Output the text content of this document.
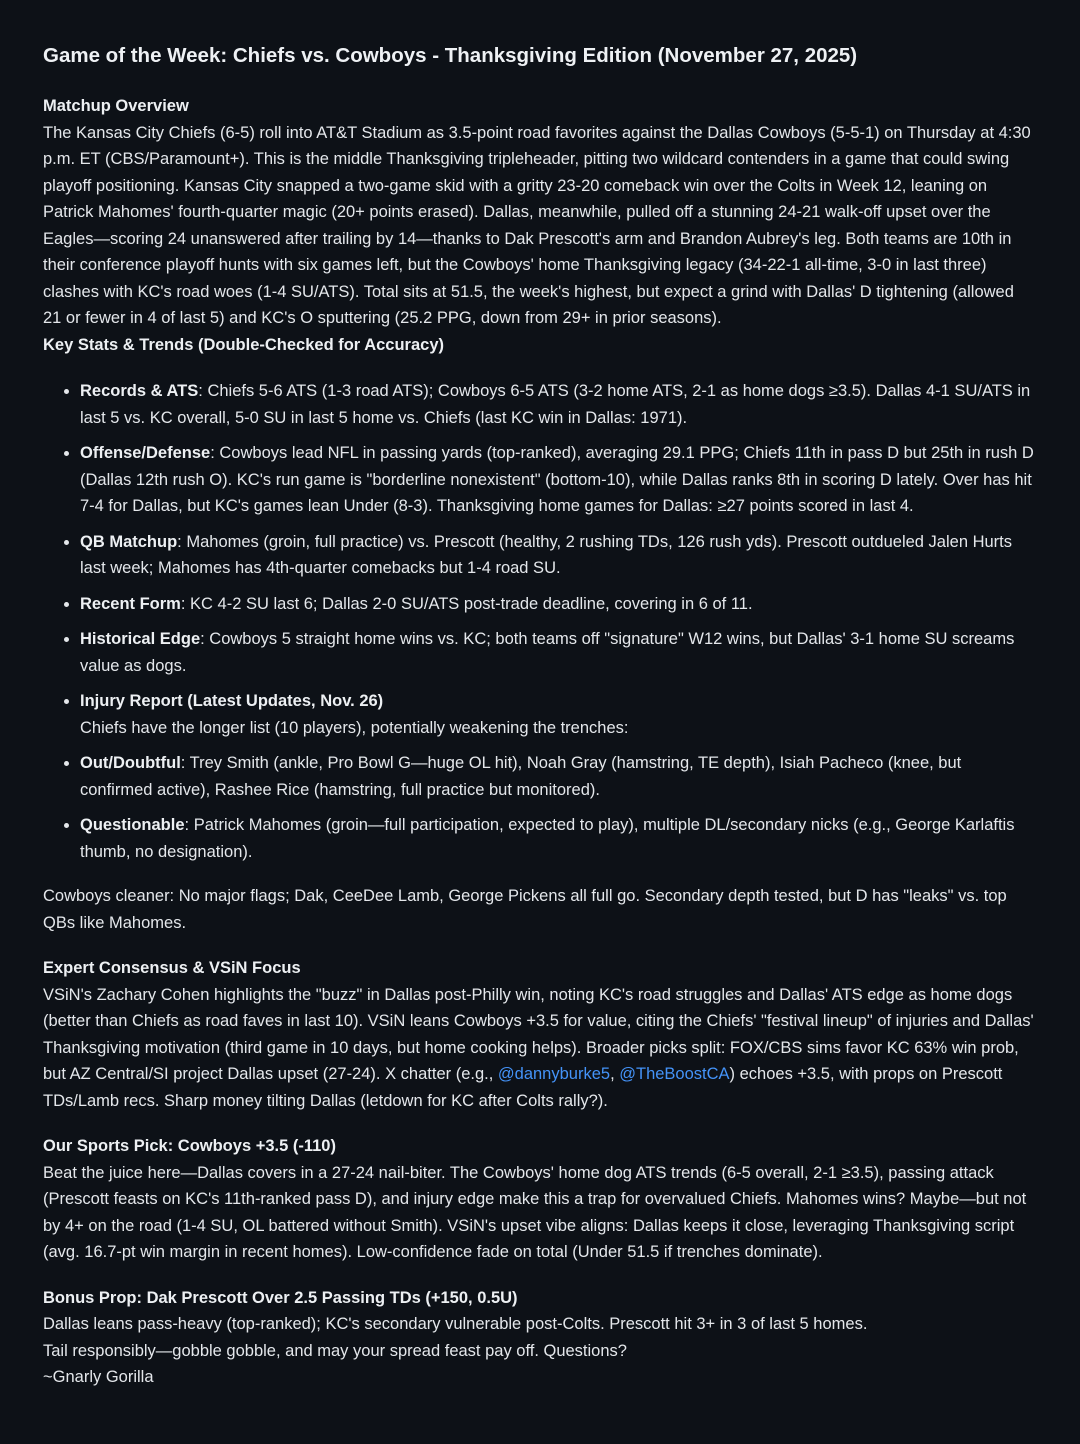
Game of the Week: Chiefs vs. Cowboys - Thanksgiving Edition (November 27, 2025)

Matchup Overview

The Kansas City Chiefs (6-5) roll into AT&T Stadium as 3.5-point road favorites against the Dallas Cowboys (5-5-1) on Thursday at 4:30 p.m. ET (CBS/Paramount+). This is the middle Thanksgiving tripleheader, pitting two wildcard contenders in a game that could swing playoff positioning. Kansas City snapped a two-game skid with a gritty 23-20 comeback win over the Colts in Week 12, leaning on Patrick Mahomes' fourth-quarter magic (20+ points erased). Dallas, meanwhile, pulled off a stunning 24-21 walk-off upset over the Eagles—scoring 24 unanswered after trailing by 14—thanks to Dak Prescott's arm and Brandon Aubrey's leg. Both teams are 10th in their conference playoff hunts with six games left, but the Cowboys' home Thanksgiving legacy (34-22-1 all-time, 3-0 in last three) clashes with KC's road woes (1-4 SU/ATS). Total sits at 51.5, the week's highest, but expect a grind with Dallas' D tightening (allowed 21 or fewer in 4 of last 5) and KC's O sputtering (25.2 PPG, down from 29+ in prior seasons).

Key Stats & Trends (Double-Checked for Accuracy)

• Records & ATS: Chiefs 5-6 ATS (1-3 road ATS); Cowboys 6-5 ATS (3-2 home ATS, 2-1 as home dogs ≥3.5). Dallas 4-1 SU/ATS in last 5 vs. KC overall, 5-0 SU in last 5 home vs. Chiefs (last KC win in Dallas: 1971).
• Offense/Defense: Cowboys lead NFL in passing yards (top-ranked), averaging 29.1 PPG; Chiefs 11th in pass D but 25th in rush D (Dallas 12th rush O). KC's run game is "borderline nonexistent" (bottom-10), while Dallas ranks 8th in scoring D lately. Over has hit 7-4 for Dallas, but KC's games lean Under (8-3). Thanksgiving home games for Dallas: ≥27 points scored in last 4.
• QB Matchup: Mahomes (groin, full practice) vs. Prescott (healthy, 2 rushing TDs, 126 rush yds). Prescott outdueled Jalen Hurts last week; Mahomes has 4th-quarter comebacks but 1-4 road SU.
• Recent Form: KC 4-2 SU last 6; Dallas 2-0 SU/ATS post-trade deadline, covering in 6 of 11.
• Historical Edge: Cowboys 5 straight home wins vs. KC; both teams off "signature" W12 wins, but Dallas' 3-1 home SU screams value as dogs.
• Injury Report (Latest Updates, Nov. 26)
Chiefs have the longer list (10 players), potentially weakening the trenches:
• Out/Doubtful: Trey Smith (ankle, Pro Bowl G—huge OL hit), Noah Gray (hamstring, TE depth), Isiah Pacheco (knee, but confirmed active), Rashee Rice (hamstring, full practice but monitored).
• Questionable: Patrick Mahomes (groin—full participation, expected to play), multiple DL/secondary nicks (e.g., George Karlaftis thumb, no designation).

Cowboys cleaner: No major flags; Dak, CeeDee Lamb, George Pickens all full go. Secondary depth tested, but D has "leaks" vs. top QBs like Mahomes.

Expert Consensus & VSiN Focus

VSiN's Zachary Cohen highlights the "buzz" in Dallas post-Philly win, noting KC's road struggles and Dallas' ATS edge as home dogs (better than Chiefs as road faves in last 10). VSiN leans Cowboys +3.5 for value, citing the Chiefs' "festival lineup" of injuries and Dallas' Thanksgiving motivation (third game in 10 days, but home cooking helps). Broader picks split: FOX/CBS sims favor KC 63% win prob, but AZ Central/SI project Dallas upset (27-24). X chatter (e.g., @dannyburke5, @TheBoostCA) echoes +3.5, with props on Prescott TDs/Lamb recs. Sharp money tilting Dallas (letdown for KC after Colts rally?).

Our Sports Pick: Cowboys +3.5 (-110)

Beat the juice here—Dallas covers in a 27-24 nail-biter. The Cowboys' home dog ATS trends (6-5 overall, 2-1 ≥3.5), passing attack (Prescott feasts on KC's 11th-ranked pass D), and injury edge make this a trap for overvalued Chiefs. Mahomes wins? Maybe—but not by 4+ on the road (1-4 SU, OL battered without Smith). VSiN's upset vibe aligns: Dallas keeps it close, leveraging Thanksgiving script (avg. 16.7-pt win margin in recent homes). Low-confidence fade on total (Under 51.5 if trenches dominate).

Bonus Prop: Dak Prescott Over 2.5 Passing TDs (+150, 0.5U)

Dallas leans pass-heavy (top-ranked); KC's secondary vulnerable post-Colts. Prescott hit 3+ in 3 of last 5 homes.
Tail responsibly—gobble gobble, and may your spread feast pay off. Questions?
~Gnarly Gorilla
